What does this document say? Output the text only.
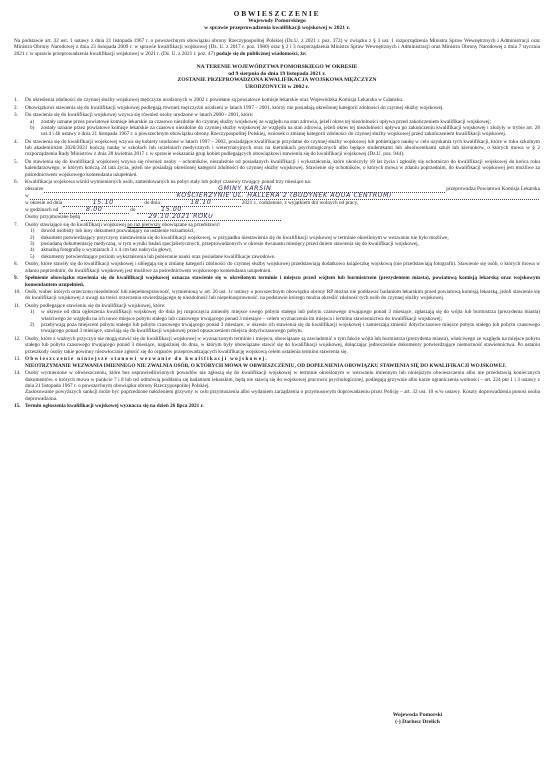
OBWIESZCZENIE
Wojewody Pomorskiego
w sprawie przeprowadzenia kwalifikacji wojskowej w 2021 r.
Na podstawie art. 32 ust. 1 ustawy z dnia 21 listopada 1967 r. o powszechnym obowiązku obrony Rzeczypospolitej Polskiej (Dz.U. z 2021 r. poz. 372) w związku z § 3 ust. 1 rozporządzenia Ministra Spraw Wewnętrznych i Administracji oraz Ministra Obrony Narodowej z dnia 23 listopada 2009 r. w sprawie kwalifikacji wojskowej (Dz. U. z 2017 r. poz. 1980) oraz § 2 i 3 rozporządzenia Ministra Spraw Wewnętrznych i Administracji oraz Ministra Obrony Narodowej z dnia 7 stycznia 2021 r. w sprawie przeprowadzenia kwalifikacji wojskowej w 2021 r. (Dz. U. z 2021 r. poz. 47) podaje się do publicznej wiadomości, że:
NA TERENIE WOJEWÓDZTWA POMORSKIEGO W OKRESIE
od 9 sierpnia do dnia 19 listopada 2021 r.
ZOSTANIE PRZEPROWADZONA KWALIFIKACJA WOJSKOWA MĘŻCZYZN
URODZONYCH w 2002 r.
1.	Do określenia zdolności do czynnej służby wojskowej mężczyzn urodzonych w 2002 r. powołane są powiatowe komisje lekarskie oraz Wojewódzka Komisja Lekarska w Gdańsku.
2.	Obowiązkowi stawienia się do kwalifikacji wojskowej podlegają również mężczyźni urodzeni w latach 1997 – 2001, którzy nie posiadają określonej kategorii zdolności do czynnej służby wojskowej.
3.	Do stawienia się do kwalifikacji wojskowej wzywa się również osoby urodzone w latach 2000 - 2001, które:
a)	zostały uznane przez powiatowe komisje lekarskie za czasowo niezdolne do czynnej służby wojskowej ze względu na stan zdrowia, jeżeli okres tej niezdolności upływa przed zakończeniem kwalifikacji wojskowej;
b)	zostały uznane przez powiatowe komisje lekarskie za czasowo niezdolne do czynnej służby wojskowej ze względu na stan zdrowia, jeżeli okres tej niezdolności upływa po zakończeniu kwalifikacji wojskowej i złożyły w trybie art. 28 ust.4 i 4b ustawy z dnia 21 listopada 1967 r. o powszechnym obowiązku obrony Rzeczypospolitej Polskiej, wniosek o zmianę kategorii zdolności do czynnej służby wojskowej przed zakończeniem kwalifikacji wojskowej.
4.	Do stawienia się do kwalifikacji wojskowej wzywa się kobiety urodzone w latach 1997 – 2002, posiadające kwalifikacje przydatne do czynnej służby wojskowej lub pobierające naukę w celu uzyskania tych kwalifikacji, które w roku szkolnym lub akademickim 2020/2021 kończą naukę w szkołach lub uczelniach medycznych i weterynaryjnych oraz na kierunkach psychologicznych albo będące studentkami lub absolwentkami szkół lub kierunków, o których mowa w § 2 rozporządzenia Rady Ministrów z dnia 28 kwietnia 2017 r. w sprawie wskazania grup kobiet podlegających obowiązkowi stawienia się do kwalifikacji wojskowej (Dz.U. poz. 944).
5.	Do stawienia się do kwalifikacji wojskowej wzywa się również osoby – ochotników, niezależnie od posiadanych kwalifikacji i wykształcenia, które ukończyły 18 lat życia i zgłosiły się ochotniczo do kwalifikacji wojskowej do końca roku kalendarzowego, w którym kończą 24 lata życia, jeżeli nie posiadają określonej kategorii zdolności do czynnej służby wojskowej. Stawienie się ochotników, o których mowa w zdaniu poprzednim, do kwalifikacji wojskowej jest możliwe za pośrednictwem wojskowego komendanta uzupełnień.
6.	Kwalifikacja wojskowa wśród wymienionych osób, zameldowanych na pobyt stały lub pobyt czasowy trwający ponad trzy miesiące na:
obszarze	GMINY KARSIN	przeprowadza Powiatowa Komisja Lekarska
w	KOŚCIERZYNIE UL. HALLERA 2 (BUDYNEK AQUA CENTRUM)
w okresie od dnia	15.10	do dnia	18.10	2021 r., codziennie, z wyjątkiem dni wolnych od pracy,
w godzinach od	8.00	do	15.00
Osoby przyjmowane będą	29.10.2021 ROKU
7.	Osoby stawiające się do kwalifikacji wojskowej po raz pierwszy obowiązane są przedstawić:
1)	dowód osobisty lub inny dokument pozwalający na ustalenie tożsamości,
2)	dokument potwierdzający przyczyny niestawienia się do kwalifikacji wojskowej, w przypadku niestawienia się do kwalifikacji wojskowej w terminie określonym w wezwaniu nie było możliwe,
3)	posiadaną dokumentację medyczną, w tym wyniki badań specjalistycznych, przeprowadzonych w okresie dwunastu miesięcy przed dniem stawienia się do kwalifikacji wojskowej,
4)	aktualną fotografię o wymiarach 3 x 4 cm bez nakrycia głowy,
5)	dokumenty potwierdzające poziom wykształcenia lub pobieranie nauki oraz posiadane kwalifikacje zawodowe.
8.	Osoby, które stawiły się do kwalifikacji wojskowej i ubiegają się o zmianę kategorii zdolności do czynnej służby wojskowej przedstawiają dodatkowo książeczkę wojskową (nie przedstawiają fotografii). Stawienie się osób, o których mowa w zdaniu poprzednim, do kwalifikacji wojskowej jest możliwe za pośrednictwem wojskowego komendanta uzupełnień.
9.	Spełnienie obowiązku stawienia się do kwalifikacji wojskowej oznacza stawienie się w określonym terminie i miejscu przed wójtem lub burmistrzem (prezydentem miasta), powiatową komisją lekarską oraz wojskowym komendantem uzupełnień.
10. Osób, wobec których orzeczono niezdolność lub niepełnosprawność, wymienioną w art. 26 ust. 1c ustawy o powszechnym obowiązku obrony RP można nie poddawać badaniom lekarskim przed powiatową komisją lekarską, jeżeli stawienie się do kwalifikacji wojskowej z uwagi na treści orzeczenia stwierdzającego tę niezdolność lub niepełnosprawność, na podstawie którego można określić zdolność tych osób do czynnej służby wojskowej.
11. Osoby podlegające stawieniu się do kwalifikacji wojskowej, które:
1)	w okresie od dnia ogłoszenia kwalifikacji wojskowej do dnia jej rozpoczęcia zmieniły miejsce swego pobytu stałego lub pobytu czasowego trwającego ponad 3 miesiące, zgłaszają się do wójta lub burmistrza (prezydenta miasta) właściwego ze względu na ich nowe miejsce pobytu stałego lub czasowego trwającego ponad 3 miesiące – celem wyznaczenia im miejsca i terminu stawiennictwa do kwalifikacji wojskowej;
2)	przebywają poza miejscem pobytu stałego lub pobytu czasowego trwającego ponad 3 miesiące, w okresie ich stawienia się do kwalifikacji wojskowej i zamierzają zmienić dotychczasowe miejsce pobytu stałego lub pobytu czasowego trwającego ponad 3 miesiące, stawiają się do kwalifikacji wojskowej przed opuszczeniem miejsca dotychczasowego pobytu.
12. Osoby, które z ważnych przyczyn nie mogą stawić się do kwalifikacji wojskowej w wyznaczonym terminie i miejscu, obowiązane są zawiadomić o tym fakcie wójta lub burmistrza (prezydenta miasta), właściwego ze względu na miejsce pobytu stałego lub pobytu czasowego trwającego ponad 3 miesiące, najpóźniej do dnia, w którym były obowiązane stawić się do kwalifikacji wojskowej, dołączając jednocześnie dokumenty potwierdzające niemożność stawiennictwa. Po ustaniu przeszkody osoby takie powinny niezwłocznie zgłosić się do organów przeprowadzających kwalifikację wojskową celem ustalenia terminu stawienia się.
13. Obwieszczenie niniejsze stanowi wezwanie do kwalifikacji wojskowej.
NIEOTRZYMANIE WEZWANIA IMIENNEGO NIE ZWALNIA OSÓB, O KTÓRYCH MOWA W OBWIESZCZENIU, OD DOPEŁNIENIA OBOWIĄZKU STAWIENIA SIĘ DO KWALIFIKACJI WOJSKOWEJ.
14. Osoby wymienione w obwieszczeniu, które bez usprawiedliwionych powodów nie zgłoszą się do kwalifikacji wojskowej w terminie określonym w wezwaniu imiennym lub niniejszym obwieszczeniu albo nie przedstawią koniecznych dokumentów, o których mowa w punkcie 7 i 8 lub też odmówią poddania się badaniom lekarskim, będą nie stawią się do wojskowej pracowni psychologicznej, podlegają grzywnie albo karze ograniczenia wolności – art. 224 pkt 1 i 3 ustawy z dnia 21 listopada 1967 r. o powszechnym obowiązku obrony Rzeczypospolitej Polskiej.
Zastosowanie powyższych sankcji może być poprzedzone nałożeniem grzywny w celu przymuszenia albo wydaniem zarządzenia o przymusowym doprowadzeniu przez Policję – art. 32 ust. 10 w/w ustawy. Koszty doprowadzenia ponosi osoba doprowadzona.
15. Termin ogłoszenia kwalifikacji wojskowej wyznacza się na dzień 26 lipca 2021 r.
Wojewoda Pomorski
(-) Dariusz Drelich
